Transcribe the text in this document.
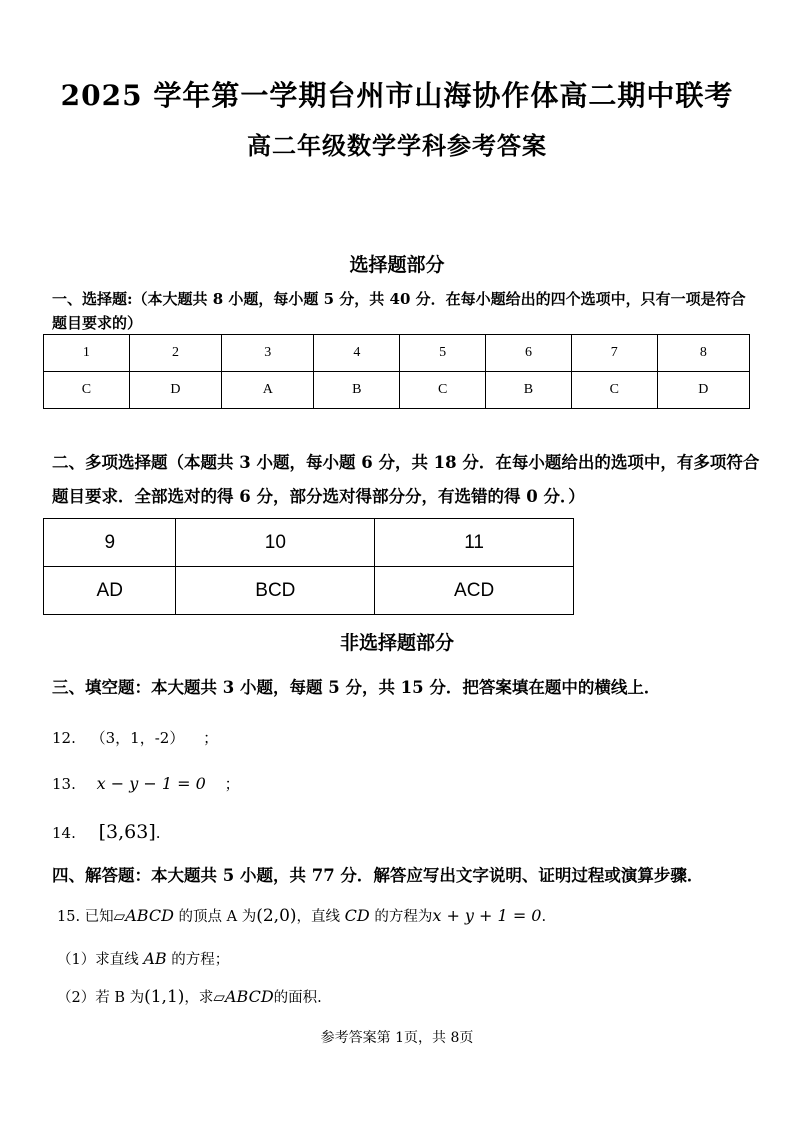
2025 学年第一学期台州市山海协作体高二期中联考
高二年级数学学科参考答案
选择题部分
一、选择题:（本大题共 8 小题，每小题 5 分，共 40 分．在每小题给出的四个选项中，只有一项是符合题目要求的）
1	2	3	4	5	6	7	8
C	D	A	B	C	B	C	D
二、多项选择题（本题共 3 小题，每小题 6 分，共 18 分．在每小题给出的选项中，有多项符合题目要求．全部选对的得 6 分，部分选对得部分分，有选错的得 0 分．）
9	10	11
AD	BCD	ACD
非选择题部分
三、填空题：本大题共 3 小题，每题 5 分，共 15 分．把答案填在题中的横线上．
12. （3，1，-2） ；
13. x − y − 1 = 0 ；
14. [3,63].
四、解答题：本大题共 5 小题，共 77 分．解答应写出文字说明、证明过程或演算步骤．
15. 已知▱ABCD 的顶点 A 为(2,0)，直线 CD 的方程为x + y + 1 = 0.
（1）求直线 AB 的方程；
（2）若 B 为(1,1)，求▱ABCD的面积.
参考答案第 1页，共 8页
